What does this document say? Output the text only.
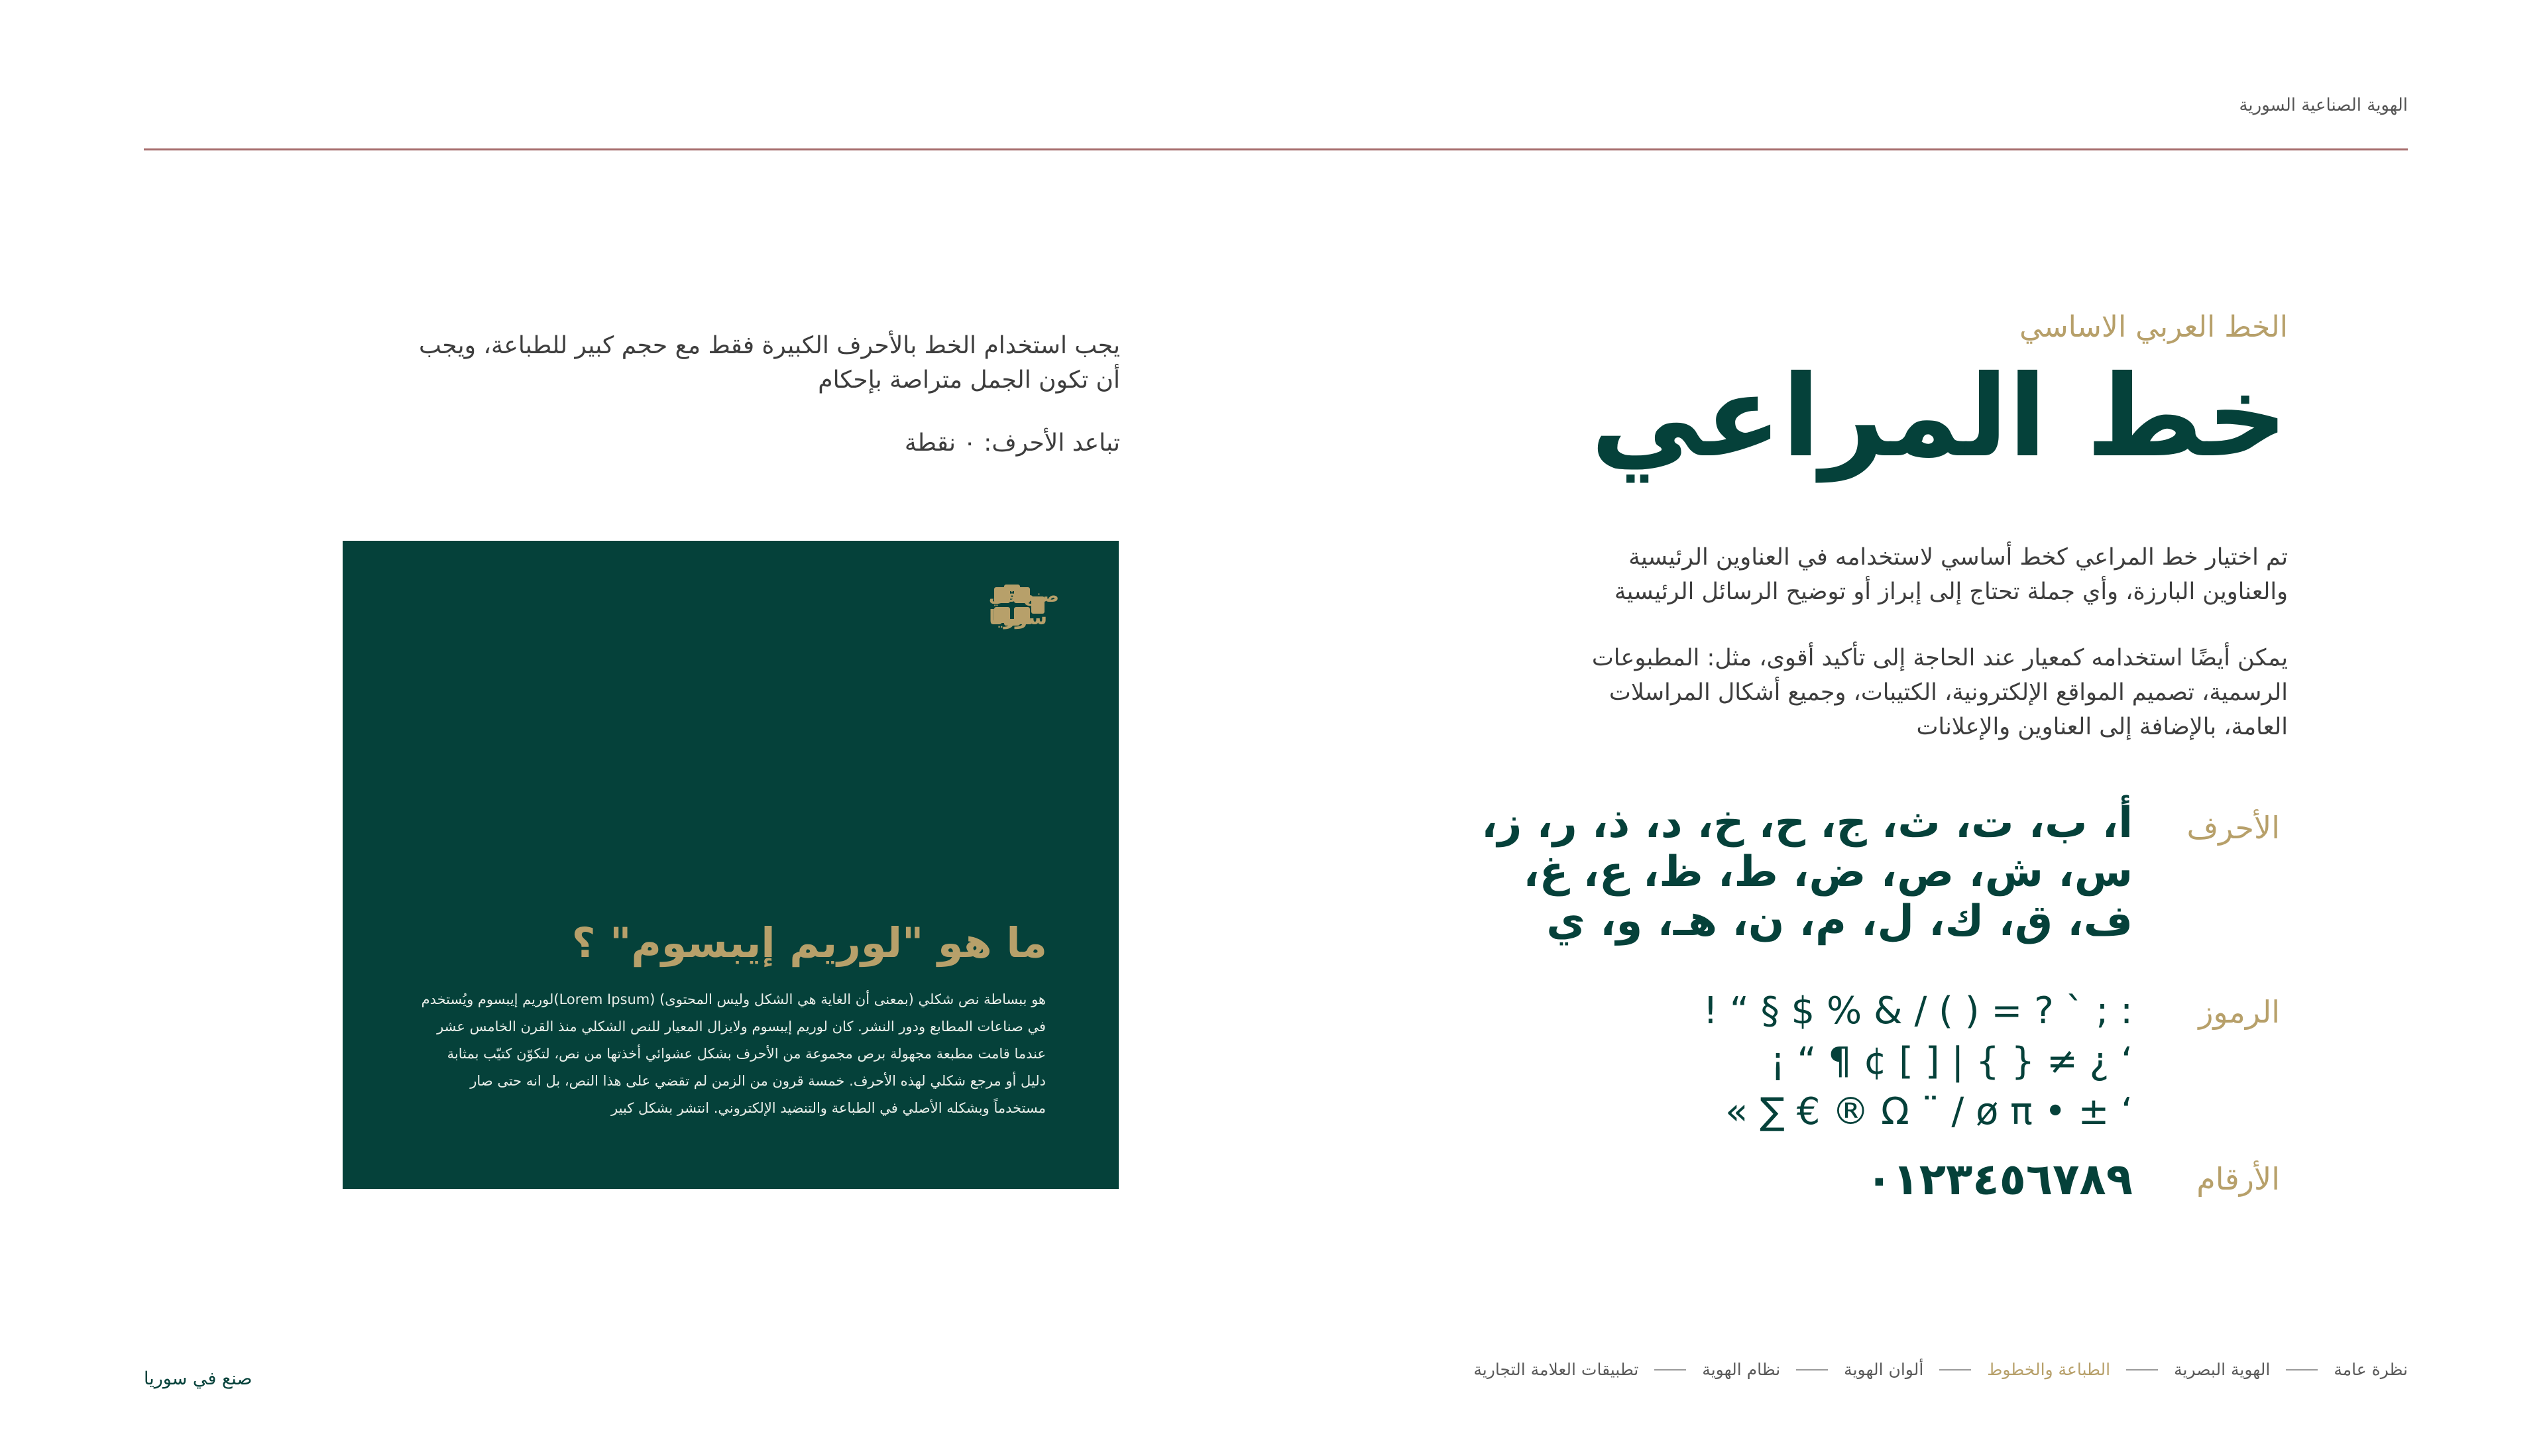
الهوية الصناعية السورية
الخط العربي الاساسي
خط المراعي
تم اختيار خط المراعي كخط أساسي لاستخدامه في العناوين الرئيسية والعناوين البارزة، وأي جملة تحتاج إلى إبراز أو توضيح الرسائل الرئيسية
يمكن أيضًا استخدامه كمعيار عند الحاجة إلى تأكيد أقوى، مثل: المطبوعات الرسمية، تصميم المواقع الإلكترونية، الكتيبات، وجميع أشكال المراسلات العامة، بالإضافة إلى العناوين والإعلانات
الأحرف
أ، ب، ت، ث، ج، ح، خ، د، ذ، ر، ز،
س، ش، ص، ض، ط، ظ، ع، غ،
ف، ق، ك، ل، م، ن، هـ، و، ي
الرموز
! “ § $ % & / ( ) = ? ` ; :
¡ “ ¶ ¢ [ ] | { } ≠ ¿ ‘
« ∑ € ® Ω ¨ / ø π • ± ‘
الأرقام
٠١٢٣٤٥٦٧٨٩
يجب استخدام الخط بالأحرف الكبيرة فقط مع حجم كبير للطباعة، ويجب أن تكون الجمل متراصة بإحكام
تباعد الأحرف: ٠ نقطة
صنع في
سوريا
ما هو "لوريم إيبسوم" ؟
هو ببساطة نص شكلي (بمعنى أن الغاية هي الشكل وليس المحتوى) (Lorem Ipsum)لوريم إيبسوم ويُستخدم في صناعات المطابع ودور النشر. كان لوريم إيبسوم ولايزال المعيار للنص الشكلي منذ القرن الخامس عشر عندما قامت مطبعة مجهولة برص مجموعة من الأحرف بشكل عشوائي أخذتها من نص، لتكوّن كتيّب بمثابة دليل أو مرجع شكلي لهذه الأحرف. خمسة قرون من الزمن لم تقضي على هذا النص، بل انه حتى صار مستخدماً وبشكله الأصلي في الطباعة والتنضيد الإلكتروني. انتشر بشكل كبير
صنع في سوريا	نظرة عامة
الهوية البصرية
الطباعة والخطوط
ألوان الهوية
نظام الهوية
تطبيقات العلامة التجارية
